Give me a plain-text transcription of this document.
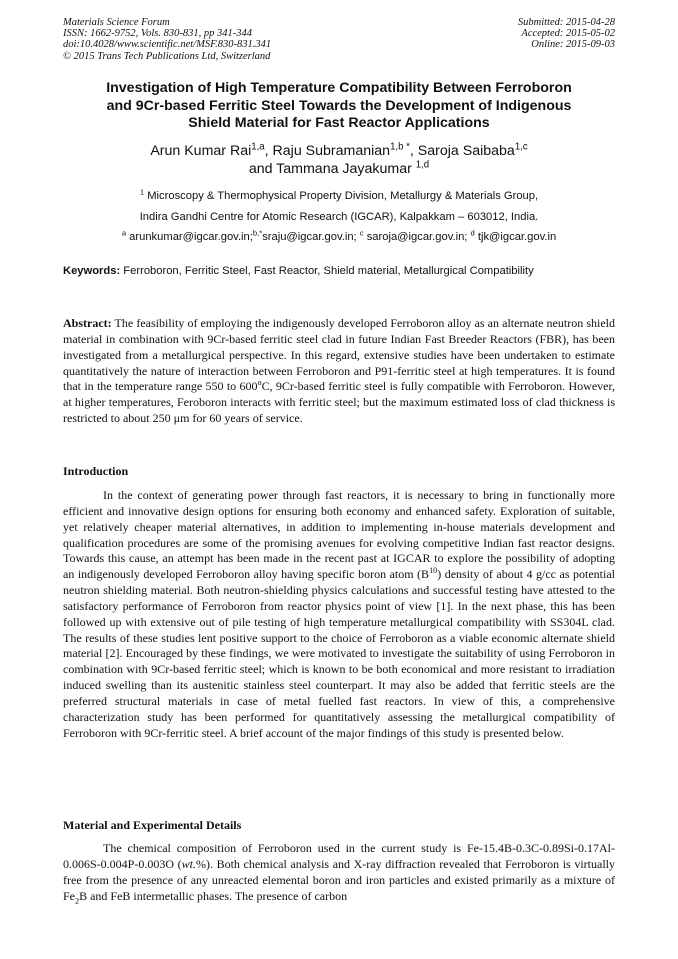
Materials Science Forum
ISSN: 1662-9752, Vols. 830-831, pp 341-344
doi:10.4028/www.scientific.net/MSF.830-831.341
© 2015 Trans Tech Publications Ltd, Switzerland
Submitted: 2015-04-28
Accepted: 2015-05-02
Online: 2015-09-03
Investigation of High Temperature Compatibility Between Ferroboron
and 9Cr-based Ferritic Steel Towards the Development of Indigenous
Shield Material for Fast Reactor Applications
Arun Kumar Rai$^{1,a}$, Raju Subramanian$^{1,b *}$, Saroja Saibaba$^{1,c}$
and Tammana Jayakumar $^{1,d}$
$^1$ Microscopy & Thermophysical Property Division, Metallurgy & Materials Group,
Indira Gandhi Centre for Atomic Research (IGCAR), Kalpakkam – 603012, India.
$^a$ arunkumar@igcar.gov.in;$^{b,*}$sraju@igcar.gov.in; $^c$ saroja@igcar.gov.in; $^d$ tjk@igcar.gov.in
Keywords: Ferroboron, Ferritic Steel, Fast Reactor, Shield material, Metallurgical Compatibility
Abstract: The feasibility of employing the indigenously developed Ferroboron alloy as an alternate neutron shield material in combination with 9Cr-based ferritic steel clad in future Indian Fast Breeder Reactors (FBR), has been investigated from a metallurgical perspective. In this regard, extensive studies have been undertaken to estimate quantitatively the nature of interaction between Ferroboron and P91-ferritic steel at high temperatures. It is found that in the temperature range 550 to 600$^o$C, 9Cr-based ferritic steel is fully compatible with Ferroboron. However, at higher temperatures, Feroboron interacts with ferritic steel; but the maximum estimated loss of clad thickness is restricted to about 250 μm for 60 years of service.
Introduction
In the context of generating power through fast reactors, it is necessary to bring in functionally more efficient and innovative design options for ensuring both economy and enhanced safety. Exploration of suitable, yet relatively cheaper material alternatives, in addition to implementing in-house materials development and qualification procedures are some of the promising avenues for evolving competitive Indian fast reactor designs. Towards this cause, an attempt has been made in the recent past at IGCAR to explore the possibility of adopting an indigenously developed Ferroboron alloy having specific boron atom $(B^{10})$ density of about 4 g/cc as potential neutron shielding material. Both neutron-shielding physics calculations and successful testing have attested to the satisfactory performance of Ferroboron from reactor physics point of view [1]. In the next phase, this has been followed up with extensive out of pile testing of high temperature metallurgical compatibility with SS304L clad. The results of these studies lent positive support to the choice of Ferroboron as a viable economic alternate shield material [2]. Encouraged by these findings, we were motivated to investigate the suitability of using Ferroboron in combination with 9Cr-based ferritic steel; which is known to be both economical and more resistant to irradiation induced swelling than its austenitic stainless steel counterpart. It may also be added that ferritic steels are the preferred structural materials in case of metal fuelled fast reactors. In view of this, a comprehensive characterization study has been performed for quantitatively assessing the metallurgical compatibility of Ferroboron with 9Cr-ferritic steel. A brief account of the major findings of this study is presented below.
Material and Experimental Details
The chemical composition of Ferroboron used in the current study is Fe-15.4B-0.3C-0.89Si-0.17Al-0.006S-0.004P-0.003O (wt.%). Both chemical analysis and X-ray diffraction revealed that Ferroboron is virtually free from the presence of any unreacted elemental boron and iron particles and existed primarily as a mixture of $Fe_2B$ and FeB intermetallic phases. The presence of carbon
